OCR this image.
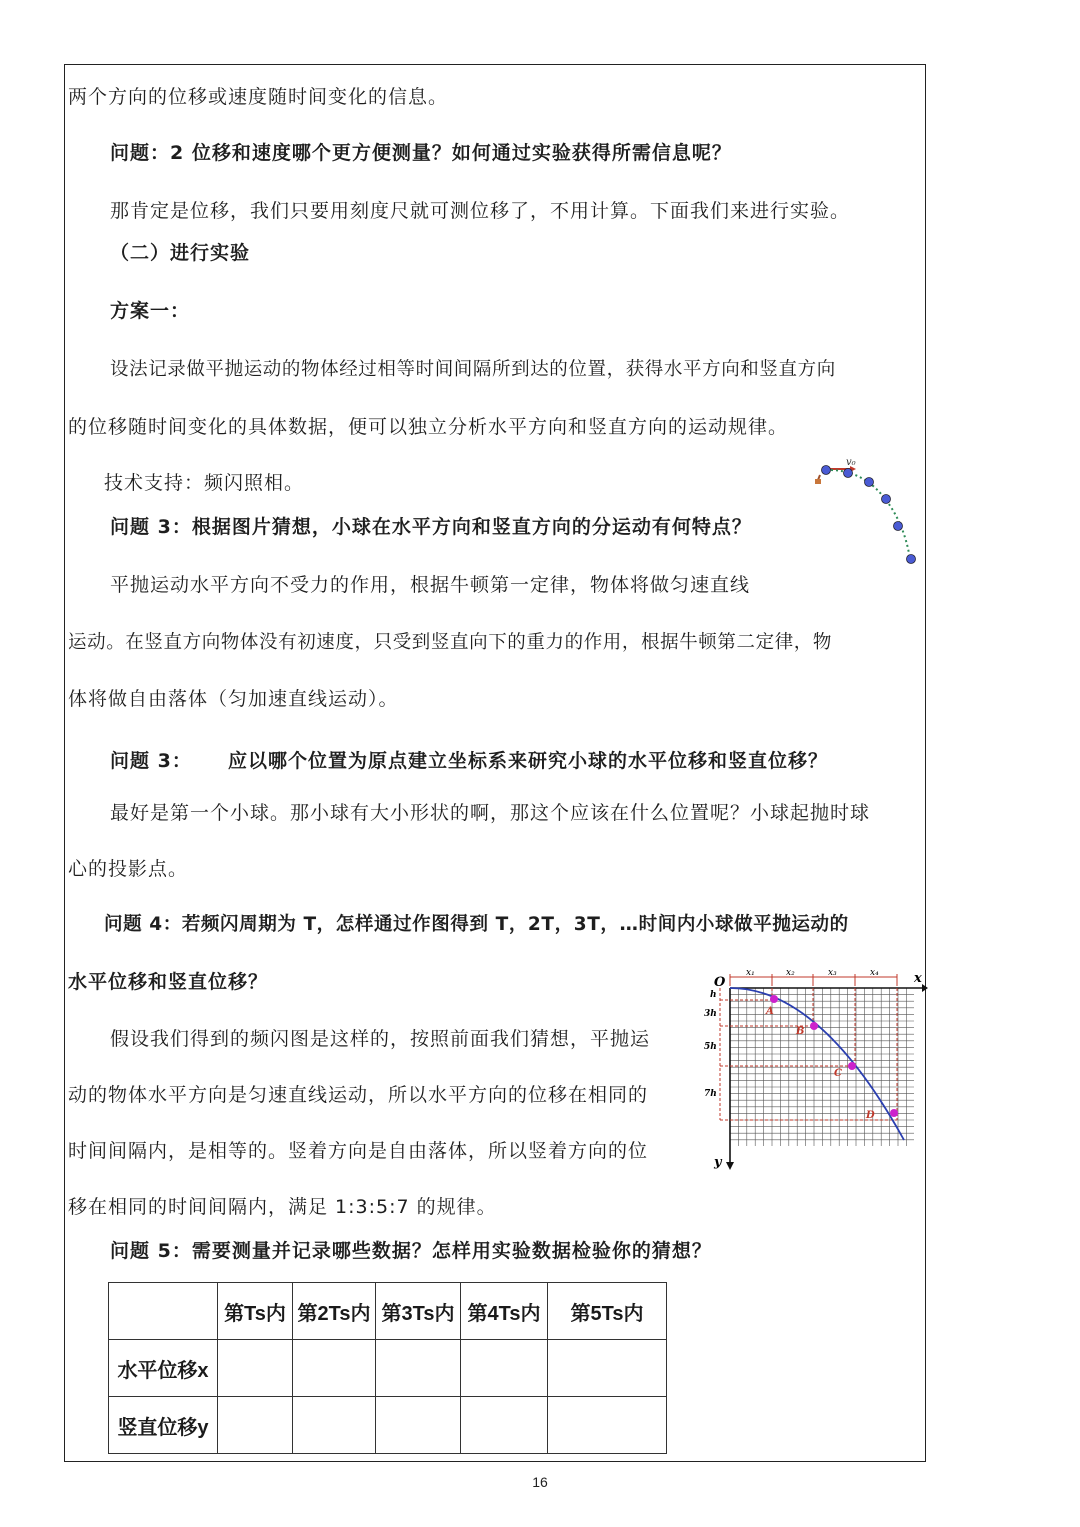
两个方向的位移或速度随时间变化的信息。
问题：2 位移和速度哪个更方便测量？如何通过实验获得所需信息呢？
那肯定是位移，我们只要用刻度尺就可测位移了，不用计算。下面我们来进行实验。
（二）进行实验
方案一：
设法记录做平抛运动的物体经过相等时间间隔所到达的位置，获得水平方向和竖直方向
的位移随时间变化的具体数据，便可以独立分析水平方向和竖直方向的运动规律。
技术支持：频闪照相。
问题 3：根据图片猜想，小球在水平方向和竖直方向的分运动有何特点？
平抛运动水平方向不受力的作用，根据牛顿第一定律，物体将做匀速直线
运动。在竖直方向物体没有初速度，只受到竖直向下的重力的作用，根据牛顿第二定律，物
体将做自由落体（匀加速直线运动）。
问题 3： 应以哪个位置为原点建立坐标系来研究小球的水平位移和竖直位移？
最好是第一个小球。那小球有大小形状的啊，那这个应该在什么位置呢？小球起抛时球
心的投影点。
问题 4：若频闪周期为 T，怎样通过作图得到 T，2T，3T，…时间内小球做平抛运动的
水平位移和竖直位移？
假设我们得到的频闪图是这样的，按照前面我们猜想，平抛运
动的物体水平方向是匀速直线运动，所以水平方向的位移在相同的
时间间隔内，是相等的。竖着方向是自由落体，所以竖着方向的位
移在相同的时间间隔内，满足 1:3:5:7 的规律。
问题 5：需要测量并记录哪些数据？怎样用实验数据检验你的猜想？
v₀
O	x
y
x₁	x₂	x₃	x₄
h
3h
5h
7h
A
B
C
D
	第Ts内	第2Ts内	第3Ts内	第4Ts内	第5Ts内
水平位移x					
竖直位移y					
16
